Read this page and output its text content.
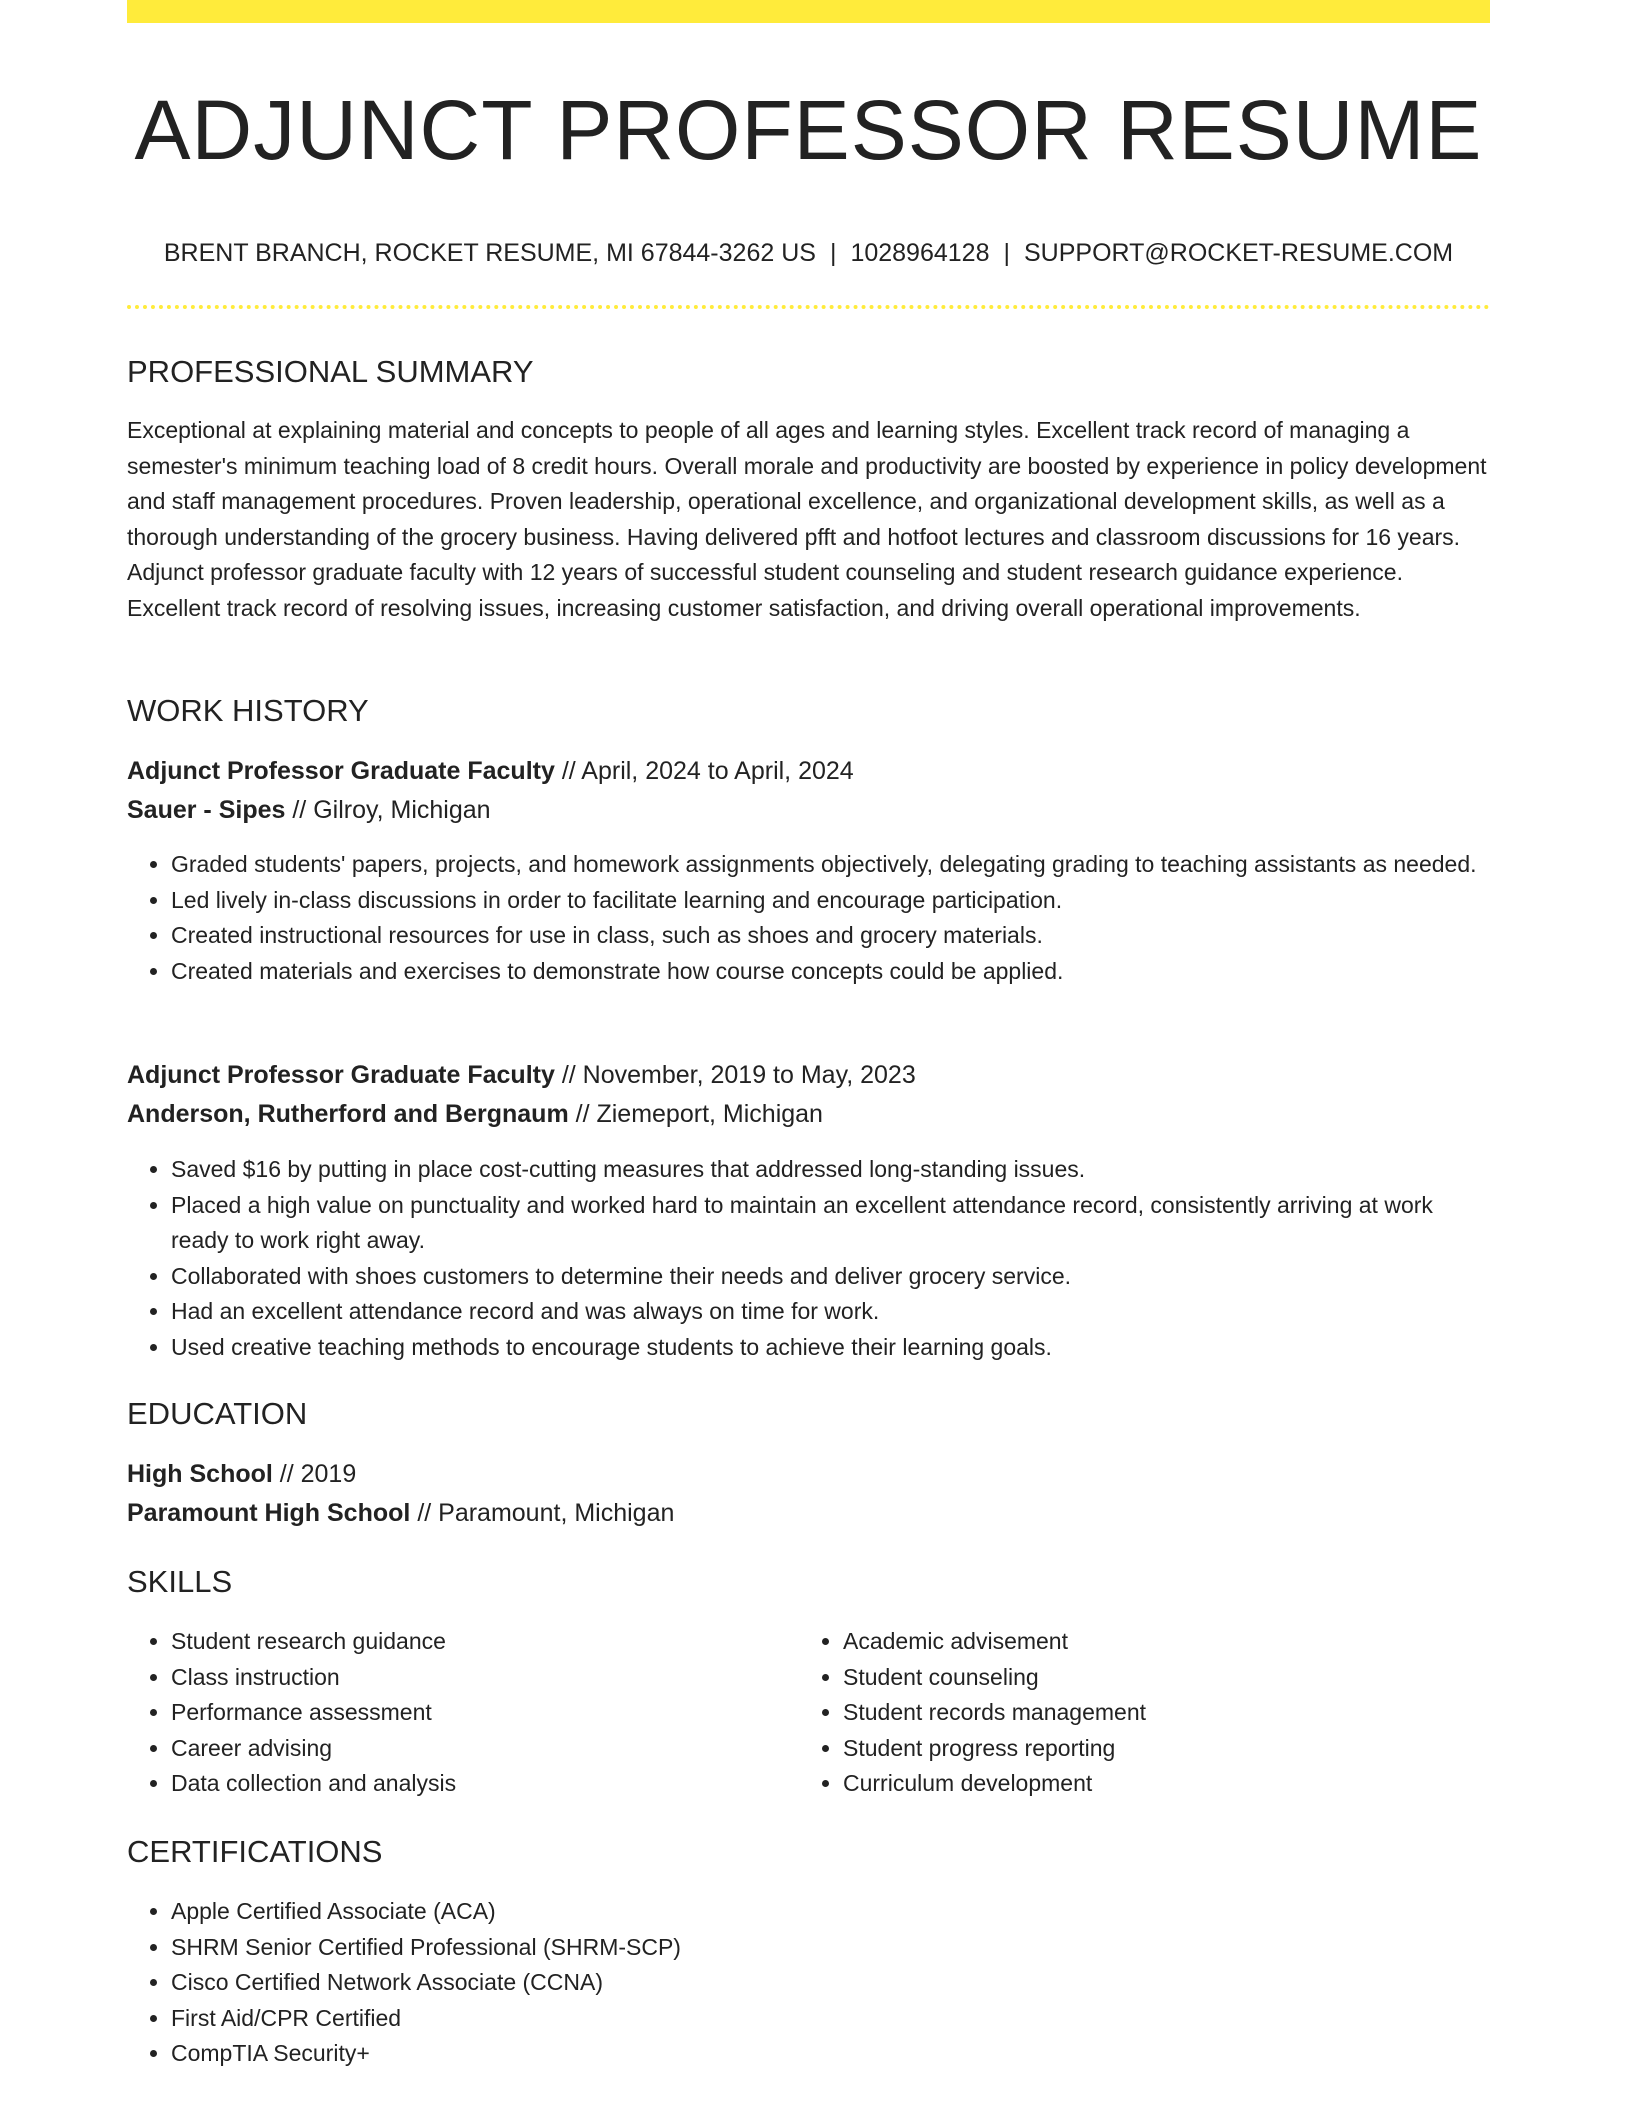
ADJUNCT PROFESSOR RESUME
BRENT BRANCH, ROCKET RESUME, MI 67844-3262 US | 1028964128 | SUPPORT@ROCKET-RESUME.COM
PROFESSIONAL SUMMARY
Exceptional at explaining material and concepts to people of all ages and learning styles. Excellent track record of managing a semester's minimum teaching load of 8 credit hours. Overall morale and productivity are boosted by experience in policy development and staff management procedures. Proven leadership, operational excellence, and organizational development skills, as well as a thorough understanding of the grocery business. Having delivered pfft and hotfoot lectures and classroom discussions for 16 years. Adjunct professor graduate faculty with 12 years of successful student counseling and student research guidance experience. Excellent track record of resolving issues, increasing customer satisfaction, and driving overall operational improvements.
WORK HISTORY
Adjunct Professor Graduate Faculty // April, 2024 to April, 2024
Sauer - Sipes // Gilroy, Michigan
• Graded students' papers, projects, and homework assignments objectively, delegating grading to teaching assistants as needed.
• Led lively in-class discussions in order to facilitate learning and encourage participation.
• Created instructional resources for use in class, such as shoes and grocery materials.
• Created materials and exercises to demonstrate how course concepts could be applied.
Adjunct Professor Graduate Faculty // November, 2019 to May, 2023
Anderson, Rutherford and Bergnaum // Ziemeport, Michigan
• Saved $16 by putting in place cost-cutting measures that addressed long-standing issues.
• Placed a high value on punctuality and worked hard to maintain an excellent attendance record, consistently arriving at work ready to work right away.
• Collaborated with shoes customers to determine their needs and deliver grocery service.
• Had an excellent attendance record and was always on time for work.
• Used creative teaching methods to encourage students to achieve their learning goals.
EDUCATION
High School // 2019
Paramount High School // Paramount, Michigan
SKILLS
• Student research guidance
• Class instruction
• Performance assessment
• Career advising
• Data collection and analysis
• Academic advisement
• Student counseling
• Student records management
• Student progress reporting
• Curriculum development
CERTIFICATIONS
• Apple Certified Associate (ACA)
• SHRM Senior Certified Professional (SHRM-SCP)
• Cisco Certified Network Associate (CCNA)
• First Aid/CPR Certified
• CompTIA Security+
